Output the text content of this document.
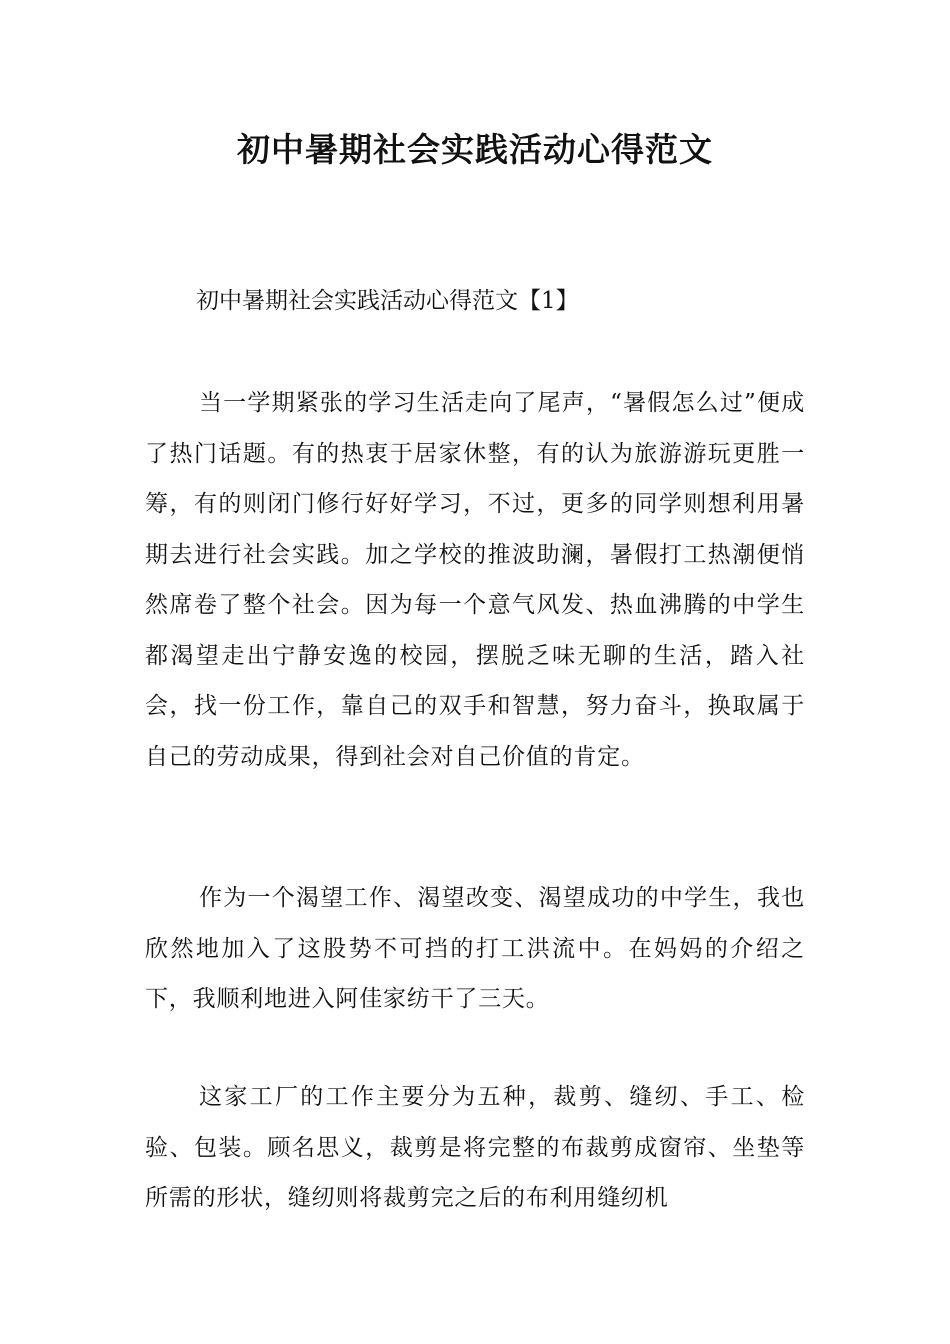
初中暑期社会实践活动心得范文

初中暑期社会实践活动心得范文【1】

当一学期紧张的学习生活走向了尾声，“暑假怎么过”便成了热门话题。有的热衷于居家休整，有的认为旅游游玩更胜一筹，有的则闭门修行好好学习，不过，更多的同学则想利用暑期去进行社会实践。加之学校的推波助澜，暑假打工热潮便悄然席卷了整个社会。因为每一个意气风发、热血沸腾的中学生都渴望走出宁静安逸的校园，摆脱乏味无聊的生活，踏入社会，找一份工作，靠自己的双手和智慧，努力奋斗，换取属于自己的劳动成果，得到社会对自己价值的肯定。

作为一个渴望工作、渴望改变、渴望成功的中学生，我也欣然地加入了这股势不可挡的打工洪流中。在妈妈的介绍之下，我顺利地进入阿佳家纺干了三天。

这家工厂的工作主要分为五种，裁剪、缝纫、手工、检验、包装。顾名思义，裁剪是将完整的布裁剪成窗帘、坐垫等所需的形状，缝纫则将裁剪完之后的布利用缝纫机
